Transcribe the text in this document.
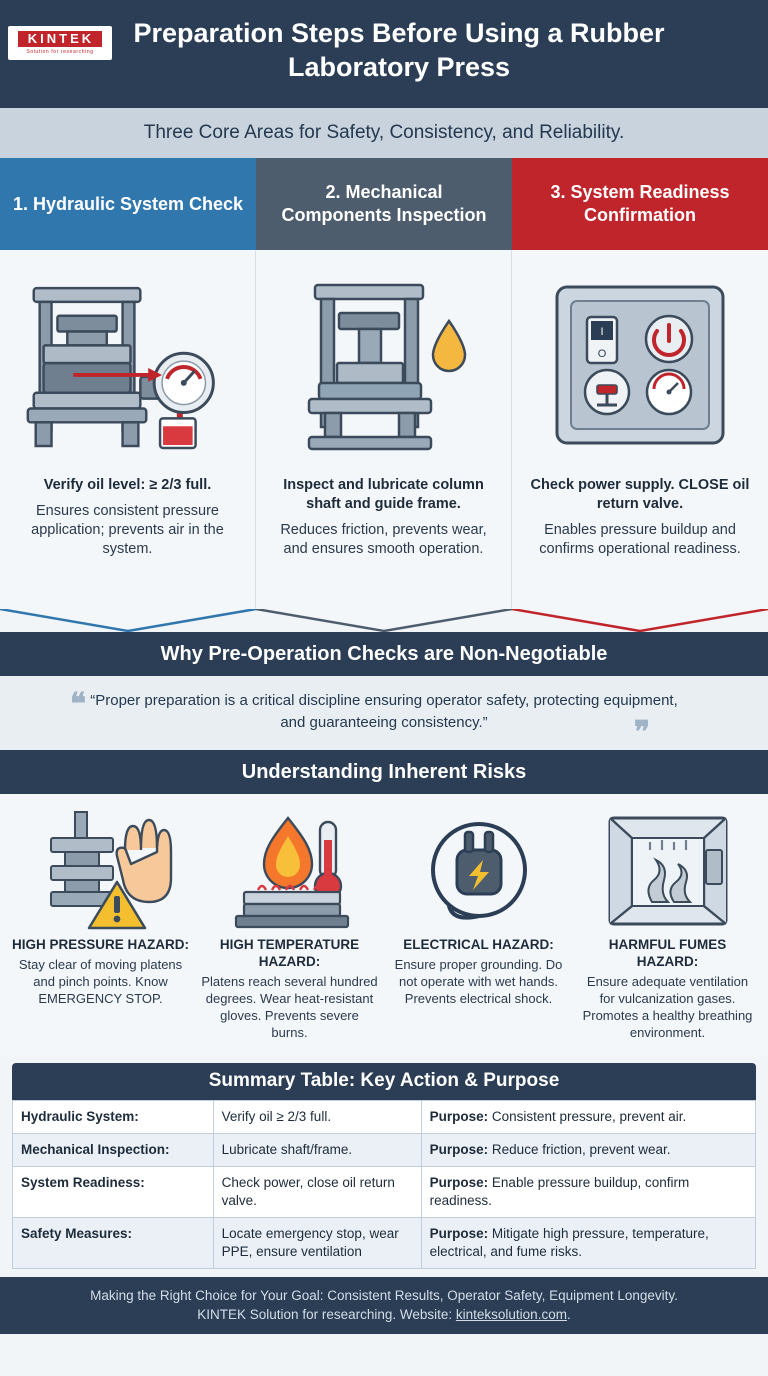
KINTEK
Solution for researching
Preparation Steps Before Using a Rubber Laboratory Press
Three Core Areas for Safety, Consistency, and Reliability.
1. Hydraulic System Check
Verify oil level: ≥ 2/3 full.
Ensures consistent pressure application; prevents air in the system.
2. Mechanical Components Inspection
Inspect and lubricate column shaft and guide frame.
Reduces friction, prevents wear, and ensures smooth operation.
3. System Readiness Confirmation
I
O
Check power supply. CLOSE oil return valve.
Enables pressure buildup and confirms operational readiness.
Why Pre-Operation Checks are Non-Negotiable
❝ “Proper preparation is a critical discipline ensuring operator safety, protecting equipment, and guaranteeing consistency.”	❞
Understanding Inherent Risks
HIGH PRESSURE HAZARD:
Stay clear of moving platens and pinch points. Know EMERGENCY STOP.
HIGH TEMPERATURE HAZARD:
Platens reach several hundred degrees. Wear heat-resistant gloves. Prevents severe burns.
ELECTRICAL HAZARD:
Ensure proper grounding. Do not operate with wet hands. Prevents electrical shock.
HARMFUL FUMES HAZARD:
Ensure adequate ventilation for vulcanization gases. Promotes a healthy breathing environment.
Summary Table: Key Action & Purpose
Hydraulic System:	Verify oil ≥ 2/3 full.	Purpose: Consistent pressure, prevent air.
Mechanical Inspection:	Lubricate shaft/frame.	Purpose: Reduce friction, prevent wear.
System Readiness:	Check power, close oil return valve.	Purpose: Enable pressure buildup, confirm readiness.
Safety Measures:	Locate emergency stop, wear PPE, ensure ventilation	Purpose: Mitigate high pressure, temperature, electrical, and fume risks.
Making the Right Choice for Your Goal: Consistent Results, Operator Safety, Equipment Longevity.
KINTEK Solution for researching. Website: kinteksolution.com.
